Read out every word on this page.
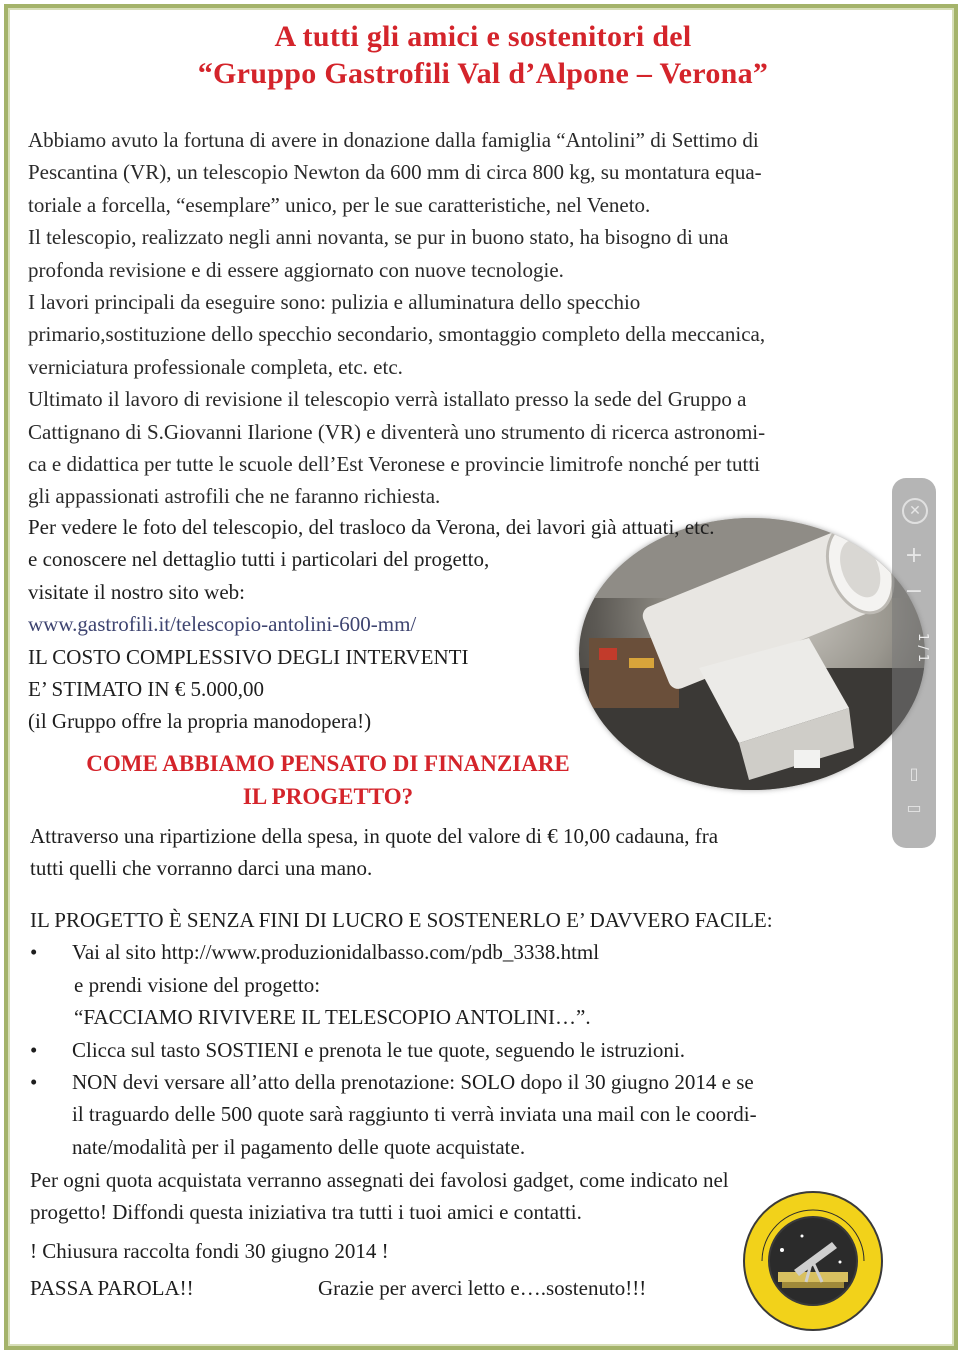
A tutti gli amici e sostenitori del
“Gruppo Gastrofili Val d’Alpone – Verona”

Abbiamo avuto la fortuna di avere in donazione dalla famiglia “Antolini” di Settimo di

Pescantina (VR), un telescopio Newton da 600 mm di circa 800 kg, su montatura equa-

toriale a forcella, “esemplare” unico, per le sue caratteristiche, nel Veneto.

Il telescopio, realizzato negli anni novanta, se pur in buono stato, ha bisogno di una

profonda revisione e di essere aggiornato con nuove tecnologie.

I lavori principali da eseguire sono: pulizia e alluminatura dello specchio

primario,sostituzione dello specchio secondario, smontaggio completo della meccanica,

verniciatura professionale completa, etc. etc.

Ultimato il lavoro di revisione il telescopio verrà istallato presso la sede del Gruppo a

Cattignano di S.Giovanni Ilarione (VR) e diventerà uno strumento di ricerca astronomi-

ca e didattica per tutte le scuole dell’Est Veronese e provincie limitrofe nonché per tutti

gli appassionati astrofili che ne faranno richiesta.

✕
+
−
1 / 1
▯
▭

Per vedere le foto del telescopio, del trasloco da Verona, dei lavori già attuati, etc.

e conoscere nel dettaglio tutti i particolari del progetto,

visitate il nostro sito web:

www.gastrofili.it/telescopio-antolini-600-mm/

IL COSTO COMPLESSIVO DEGLI INTERVENTI

E’ STIMATO IN € 5.000,00

(il Gruppo offre la propria manodopera!)

COME ABBIAMO PENSATO DI FINANZIARE
IL PROGETTO?

Attraverso una ripartizione della spesa, in quote del valore di € 10,00 cadauna, fra

tutti quelli che vorranno darci una mano.

IL PROGETTO È SENZA FINI DI LUCRO E SOSTENERLO E’ DAVVERO FACILE:

•	Vai al sito http://www.produzionidalbasso.com/pdb_3338.html
e prendi visione del progetto:
“FACCIAMO RIVIVERE IL TELESCOPIO ANTOLINI…”.
•	Clicca sul tasto SOSTIENI e prenota le tue quote, seguendo le istruzioni.
•	NON devi versare all’atto della prenotazione: SOLO dopo il 30 giugno 2014 e se
il traguardo delle 500 quote sarà raggiunto ti verrà inviata una mail con le coordi-
nate/modalità per il pagamento delle quote acquistate.

Per ogni quota acquistata verranno assegnati dei favolosi gadget, come indicato nel

progetto! Diffondi questa iniziativa tra tutti i tuoi amici e contatti.

! Chiusura raccolta fondi 30 giugno 2014 !
PASSA PAROLA!!	Grazie per averci letto e….sostenuto!!!
